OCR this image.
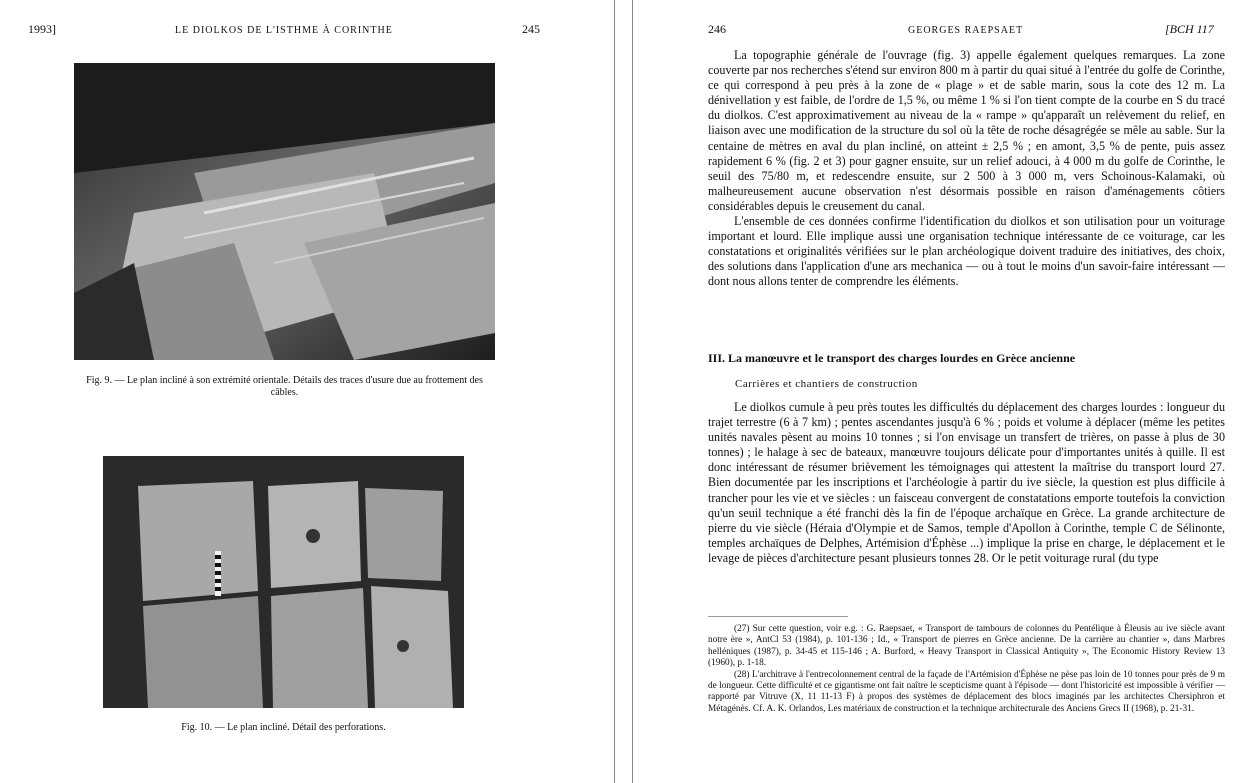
1993]	LE DIOLKOS DE L'ISTHME À CORINTHE	245
Fig. 9. — Le plan incliné à son extrémité orientale. Détails des traces d'usure due au frottement des câbles.
Fig. 10. — Le plan incliné. Détail des perforations.
246	GEORGES RAEPSAET	[BCH 117

La topographie générale de l'ouvrage (fig. 3) appelle également quelques remarques. La zone couverte par nos recherches s'étend sur environ 800 m à partir du quai situé à l'entrée du golfe de Corinthe, ce qui correspond à peu près à la zone de « plage » et de sable marin, sous la cote des 12 m. La dénivellation y est faible, de l'ordre de 1,5 %, ou même 1 % si l'on tient compte de la courbe en S du tracé du diolkos. C'est approximativement au niveau de la « rampe » qu'apparaît un relèvement du relief, en liaison avec une modification de la structure du sol où la tête de roche désagrégée se mêle au sable. Sur la centaine de mètres en aval du plan incliné, on atteint ± 2,5 % ; en amont, 3,5 % de pente, puis assez rapidement 6 % (fig. 2 et 3) pour gagner ensuite, sur un relief adouci, à 4 000 m du golfe de Corinthe, le seuil des 75/80 m, et redescendre ensuite, sur 2 500 à 3 000 m, vers Schoinous-Kalamaki, où malheureusement aucune observation n'est désormais possible en raison d'aménagements côtiers considérables depuis le creusement du canal.

L'ensemble de ces données confirme l'identification du diolkos et son utilisation pour un voiturage important et lourd. Elle implique aussi une organisation technique intéressante de ce voiturage, car les constatations et originalités vérifiées sur le plan archéologique doivent traduire des initiatives, des choix, des solutions dans l'application d'une ars mechanica — ou à tout le moins d'un savoir-faire intéressant — dont nous allons tenter de comprendre les éléments.

III. La manœuvre et le transport des charges lourdes en Grèce ancienne
Carrières et chantiers de construction

Le diolkos cumule à peu près toutes les difficultés du déplacement des charges lourdes : longueur du trajet terrestre (6 à 7 km) ; pentes ascendantes jusqu'à 6 % ; poids et volume à déplacer (même les petites unités navales pèsent au moins 10 tonnes ; si l'on envisage un transfert de trières, on passe à plus de 30 tonnes) ; le halage à sec de bateaux, manœuvre toujours délicate pour d'importantes unités à quille. Il est donc intéressant de résumer brièvement les témoignages qui attestent la maîtrise du transport lourd 27. Bien documentée par les inscriptions et l'archéologie à partir du ive siècle, la question est plus difficile à trancher pour les vie et ve siècles : un faisceau convergent de constatations emporte toutefois la conviction qu'un seuil technique a été franchi dès la fin de l'époque archaïque en Grèce. La grande architecture de pierre du vie siècle (Héraia d'Olympie et de Samos, temple d'Apollon à Corinthe, temple C de Sélinonte, temples archaïques de Delphes, Artémision d'Éphèse ...) implique la prise en charge, le déplacement et le levage de pièces d'architecture pesant plusieurs tonnes 28. Or le petit voiturage rural (du type

(27) Sur cette question, voir e.g. : G. Raepsaet, « Transport de tambours de colonnes du Pentélique à Éleusis au ive siècle avant notre ère », AntCl 53 (1984), p. 101-136 ; Id., « Transport de pierres en Grèce ancienne. De la carrière au chantier », dans Marbres helléniques (1987), p. 34-45 et 115-146 ; A. Burford, « Heavy Transport in Classical Antiquity », The Economic History Review 13 (1960), p. 1-18.

(28) L'architrave à l'entrecolonnement central de la façade de l'Artémision d'Éphèse ne pèse pas loin de 10 tonnes pour près de 9 m de longueur. Cette difficulté et ce gigantisme ont fait naître le scepticisme quant à l'épisode — dont l'historicité est impossible à vérifier — rapporté par Vitruve (X, 11 11-13 F) à propos des systèmes de déplacement des blocs imaginés par les architectes Chersiphron et Métagénès. Cf. A. K. Orlandos, Les matériaux de construction et la technique architecturale des Anciens Grecs II (1968), p. 21-31.
